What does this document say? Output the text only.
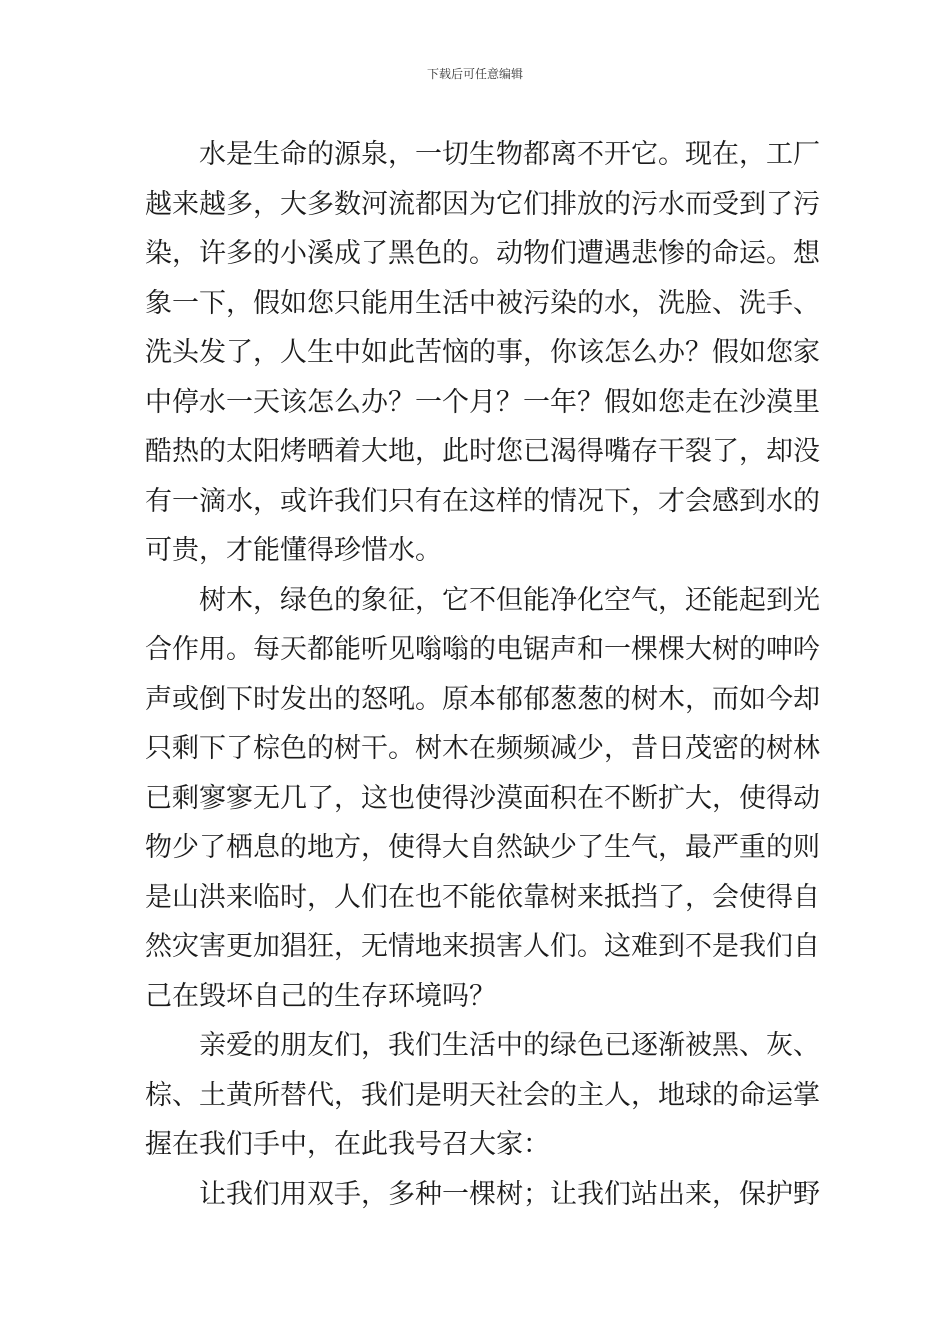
下载后可任意编辑
水是生命的源泉，一切生物都离不开它。现在，工厂
越来越多，大多数河流都因为它们排放的污水而受到了污
染，许多的小溪成了黑色的。动物们遭遇悲惨的命运。想
象一下，假如您只能用生活中被污染的水，洗脸、洗手、
洗头发了，人生中如此苦恼的事，你该怎么办？假如您家
中停水一天该怎么办？一个月？一年？假如您走在沙漠里
酷热的太阳烤晒着大地，此时您已渴得嘴存干裂了，却没
有一滴水，或许我们只有在这样的情况下，才会感到水的
可贵，才能懂得珍惜水。
树木，绿色的象征，它不但能净化空气，还能起到光
合作用。每天都能听见嗡嗡的电锯声和一棵棵大树的呻吟
声或倒下时发出的怒吼。原本郁郁葱葱的树木，而如今却
只剩下了棕色的树干。树木在频频减少，昔日茂密的树林
已剩寥寥无几了，这也使得沙漠面积在不断扩大，使得动
物少了栖息的地方，使得大自然缺少了生气，最严重的则
是山洪来临时，人们在也不能依靠树来抵挡了，会使得自
然灾害更加猖狂，无情地来损害人们。这难到不是我们自
己在毁坏自己的生存环境吗？
亲爱的朋友们，我们生活中的绿色已逐渐被黑、灰、
棕、土黄所替代，我们是明天社会的主人，地球的命运掌
握在我们手中，在此我号召大家：
让我们用双手，多种一棵树；让我们站出来，保护野
